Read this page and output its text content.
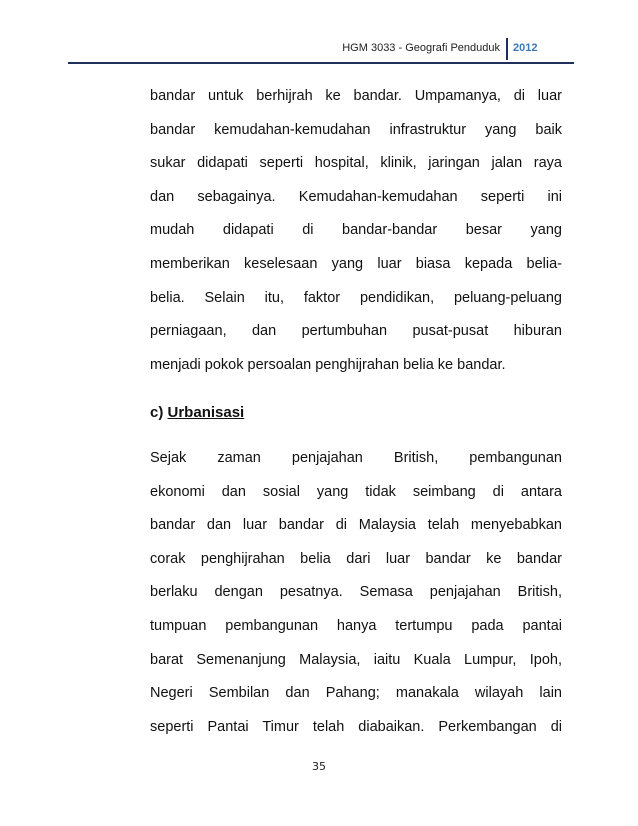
HGM 3033 - Geografi Penduduk 2012
bandar untuk berhijrah ke bandar. Umpamanya, di luar
bandar kemudahan-kemudahan infrastruktur yang baik
sukar didapati seperti hospital, klinik, jaringan jalan raya
dan sebagainya. Kemudahan-kemudahan seperti ini
mudah didapati di bandar-bandar besar yang
memberikan keselesaan yang luar biasa kepada belia-
belia. Selain itu, faktor pendidikan, peluang-peluang
perniagaan, dan pertumbuhan pusat-pusat hiburan
menjadi pokok persoalan penghijrahan belia ke bandar.
c) Urbanisasi
Sejak zaman penjajahan British, pembangunan
ekonomi dan sosial yang tidak seimbang di antara
bandar dan luar bandar di Malaysia telah menyebabkan
corak penghijrahan belia dari luar bandar ke bandar
berlaku dengan pesatnya. Semasa penjajahan British,
tumpuan pembangunan hanya tertumpu pada pantai
barat Semenanjung Malaysia, iaitu Kuala Lumpur, Ipoh,
Negeri Sembilan dan Pahang; manakala wilayah lain
seperti Pantai Timur telah diabaikan. Perkembangan di
35
